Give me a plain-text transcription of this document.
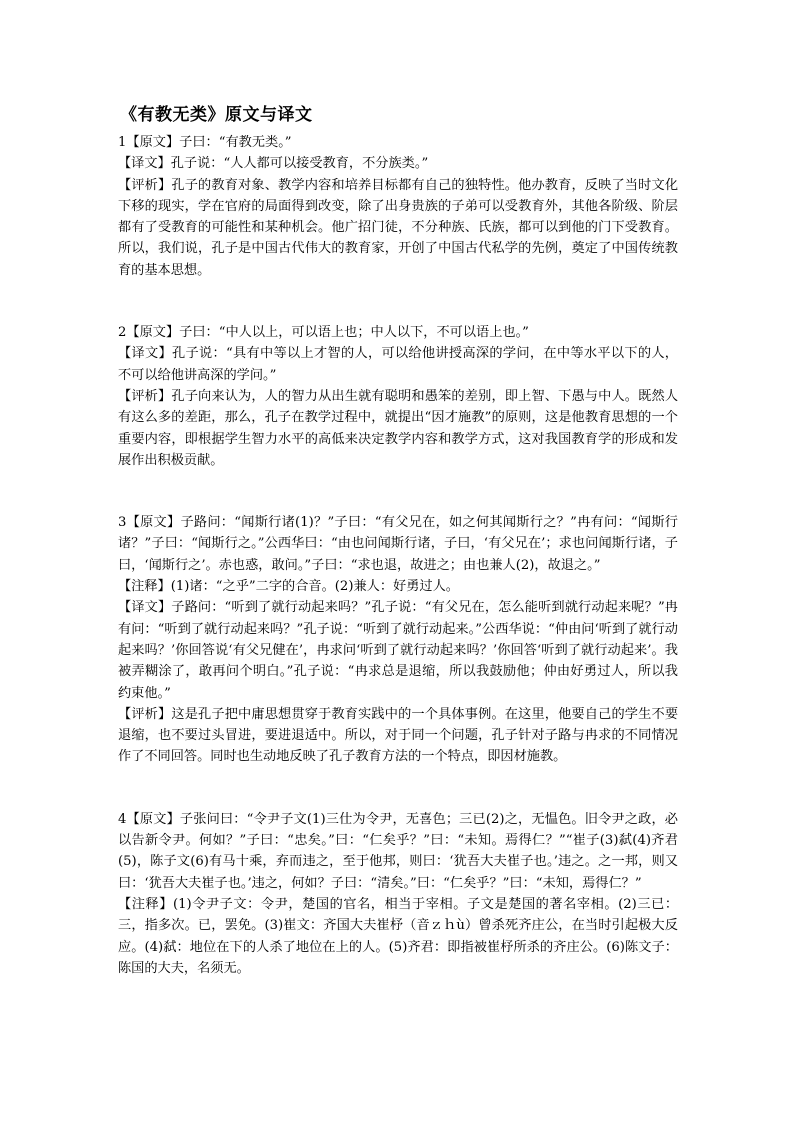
《有教无类》原文与译文

1【原文】子曰：“有教无类。”

【译文】孔子说：“人人都可以接受教育，不分族类。”

【评析】孔子的教育对象、教学内容和培养目标都有自己的独特性。他办教育，反映了当时文化下移的现实，学在官府的局面得到改变，除了出身贵族的子弟可以受教育外，其他各阶级、阶层都有了受教育的可能性和某种机会。他广招门徒，不分种族、氏族，都可以到他的门下受教育。所以，我们说，孔子是中国古代伟大的教育家，开创了中国古代私学的先例，奠定了中国传统教育的基本思想。

2【原文】子曰：“中人以上，可以语上也；中人以下，不可以语上也。”

【译文】孔子说：“具有中等以上才智的人，可以给他讲授高深的学问，在中等水平以下的人，不可以给他讲高深的学问。”

【评析】孔子向来认为，人的智力从出生就有聪明和愚笨的差别，即上智、下愚与中人。既然人有这么多的差距，那么，孔子在教学过程中，就提出“因才施教”的原则，这是他教育思想的一个重要内容，即根据学生智力水平的高低来决定教学内容和教学方式，这对我国教育学的形成和发展作出积极贡献。

3【原文】子路问：“闻斯行诸(1)？”子曰：“有父兄在，如之何其闻斯行之？”冉有问：“闻斯行诸？”子曰：“闻斯行之。”公西华曰：“由也问闻斯行诸，子曰，‘有父兄在’；求也问闻斯行诸，子曰，‘闻斯行之’。赤也惑，敢问。”子曰：“求也退，故进之；由也兼人(2)，故退之。”

【注释】(1)诸：“之乎”二字的合音。(2)兼人：好勇过人。

【译文】子路问：“听到了就行动起来吗？”孔子说：“有父兄在，怎么能听到就行动起来呢？”冉有问：“听到了就行动起来吗？”孔子说：“听到了就行动起来。”公西华说：“仲由问‘听到了就行动起来吗？’你回答说‘有父兄健在’，冉求问‘听到了就行动起来吗？’你回答‘听到了就行动起来’。我被弄糊涂了，敢再问个明白。”孔子说：“冉求总是退缩，所以我鼓励他；仲由好勇过人，所以我约束他。”

【评析】这是孔子把中庸思想贯穿于教育实践中的一个具体事例。在这里，他要自己的学生不要退缩，也不要过头冒进，要进退适中。所以，对于同一个问题，孔子针对子路与冉求的不同情况作了不同回答。同时也生动地反映了孔子教育方法的一个特点，即因材施教。

4【原文】子张问曰：“令尹子文(1)三仕为令尹，无喜色；三已(2)之，无愠色。旧令尹之政，必以告新令尹。何如？”子曰：“忠矣。”曰：“仁矣乎？”曰：“未知。焉得仁？”“崔子(3)弑(4)齐君(5)，陈子文(6)有马十乘，弃而违之，至于他邦，则曰：‘犹吾大夫崔子也。’违之。之一邦，则又曰：‘犹吾大夫崔子也。’违之，何如？子曰：“清矣。”曰：“仁矣乎？”曰：“未知，焉得仁？”

【注释】(1)令尹子文：令尹，楚国的官名，相当于宰相。子文是楚国的著名宰相。(2)三已：三，指多次。已，罢免。(3)崔文：齐国大夫崔杼（音ｚｈù）曾杀死齐庄公，在当时引起极大反应。(4)弑：地位在下的人杀了地位在上的人。(5)齐君：即指被崔杼所杀的齐庄公。(6)陈文子：陈国的大夫，名须无。
